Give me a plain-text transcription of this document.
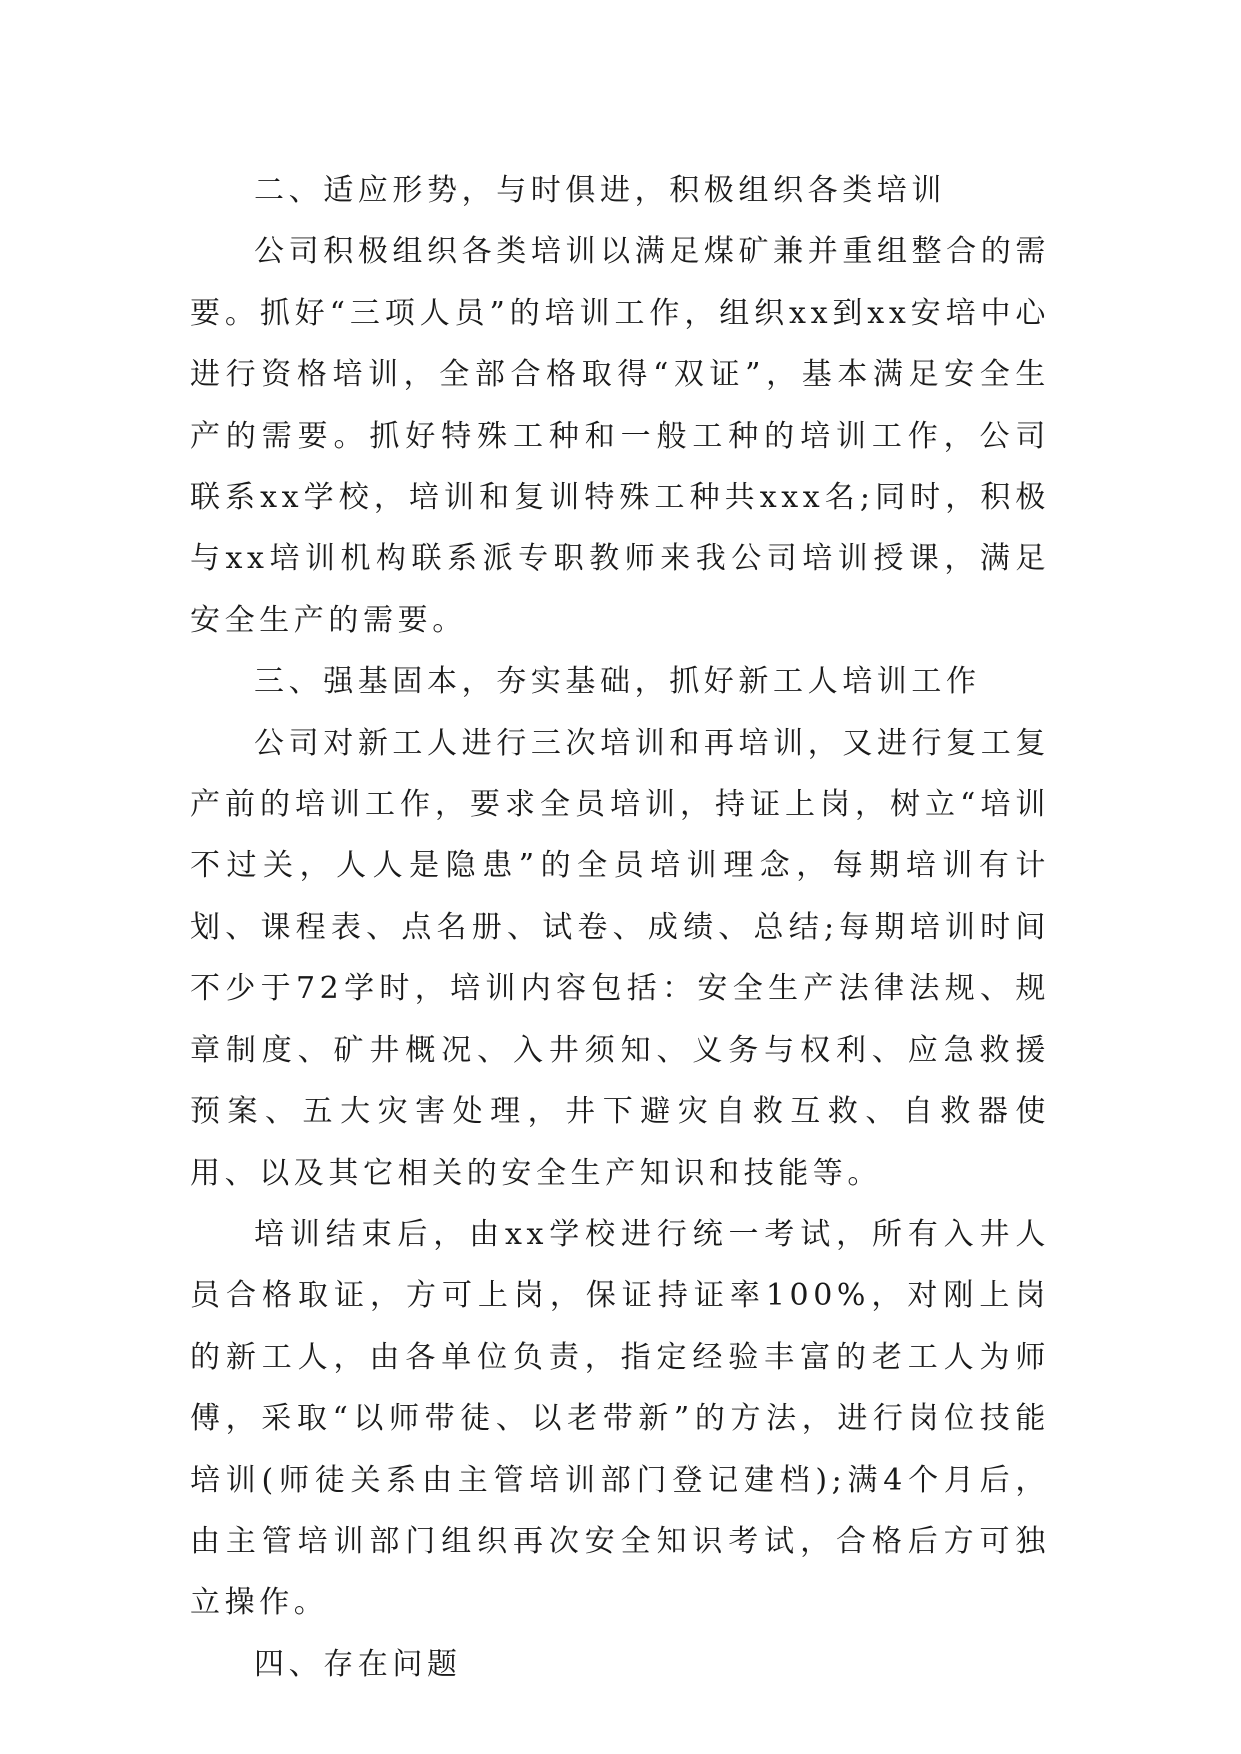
二、适应形势，与时俱进，积极组织各类培训

公司积极组织各类培训以满足煤矿兼并重组整合的需要。抓好“三项人员”的培训工作，组织xx到xx安培中心进行资格培训，全部合格取得“双证”，基本满足安全生产的需要。抓好特殊工种和一般工种的培训工作，公司联系xx学校，培训和复训特殊工种共xxx名;同时，积极与xx培训机构联系派专职教师来我公司培训授课，满足安全生产的需要。

三、强基固本，夯实基础，抓好新工人培训工作

公司对新工人进行三次培训和再培训，又进行复工复产前的培训工作，要求全员培训，持证上岗，树立“培训不过关，人人是隐患”的全员培训理念，每期培训有计划、课程表、点名册、试卷、成绩、总结;每期培训时间不少于72学时，培训内容包括：安全生产法律法规、规章制度、矿井概况、入井须知、义务与权利、应急救援预案、五大灾害处理，井下避灾自救互救、自救器使用、以及其它相关的安全生产知识和技能等。

培训结束后，由xx学校进行统一考试，所有入井人员合格取证，方可上岗，保证持证率100%，对刚上岗的新工人，由各单位负责，指定经验丰富的老工人为师傅，采取“以师带徒、以老带新”的方法，进行岗位技能培训(师徒关系由主管培训部门登记建档);满4个月后，由主管培训部门组织再次安全知识考试，合格后方可独立操作。

四、存在问题
